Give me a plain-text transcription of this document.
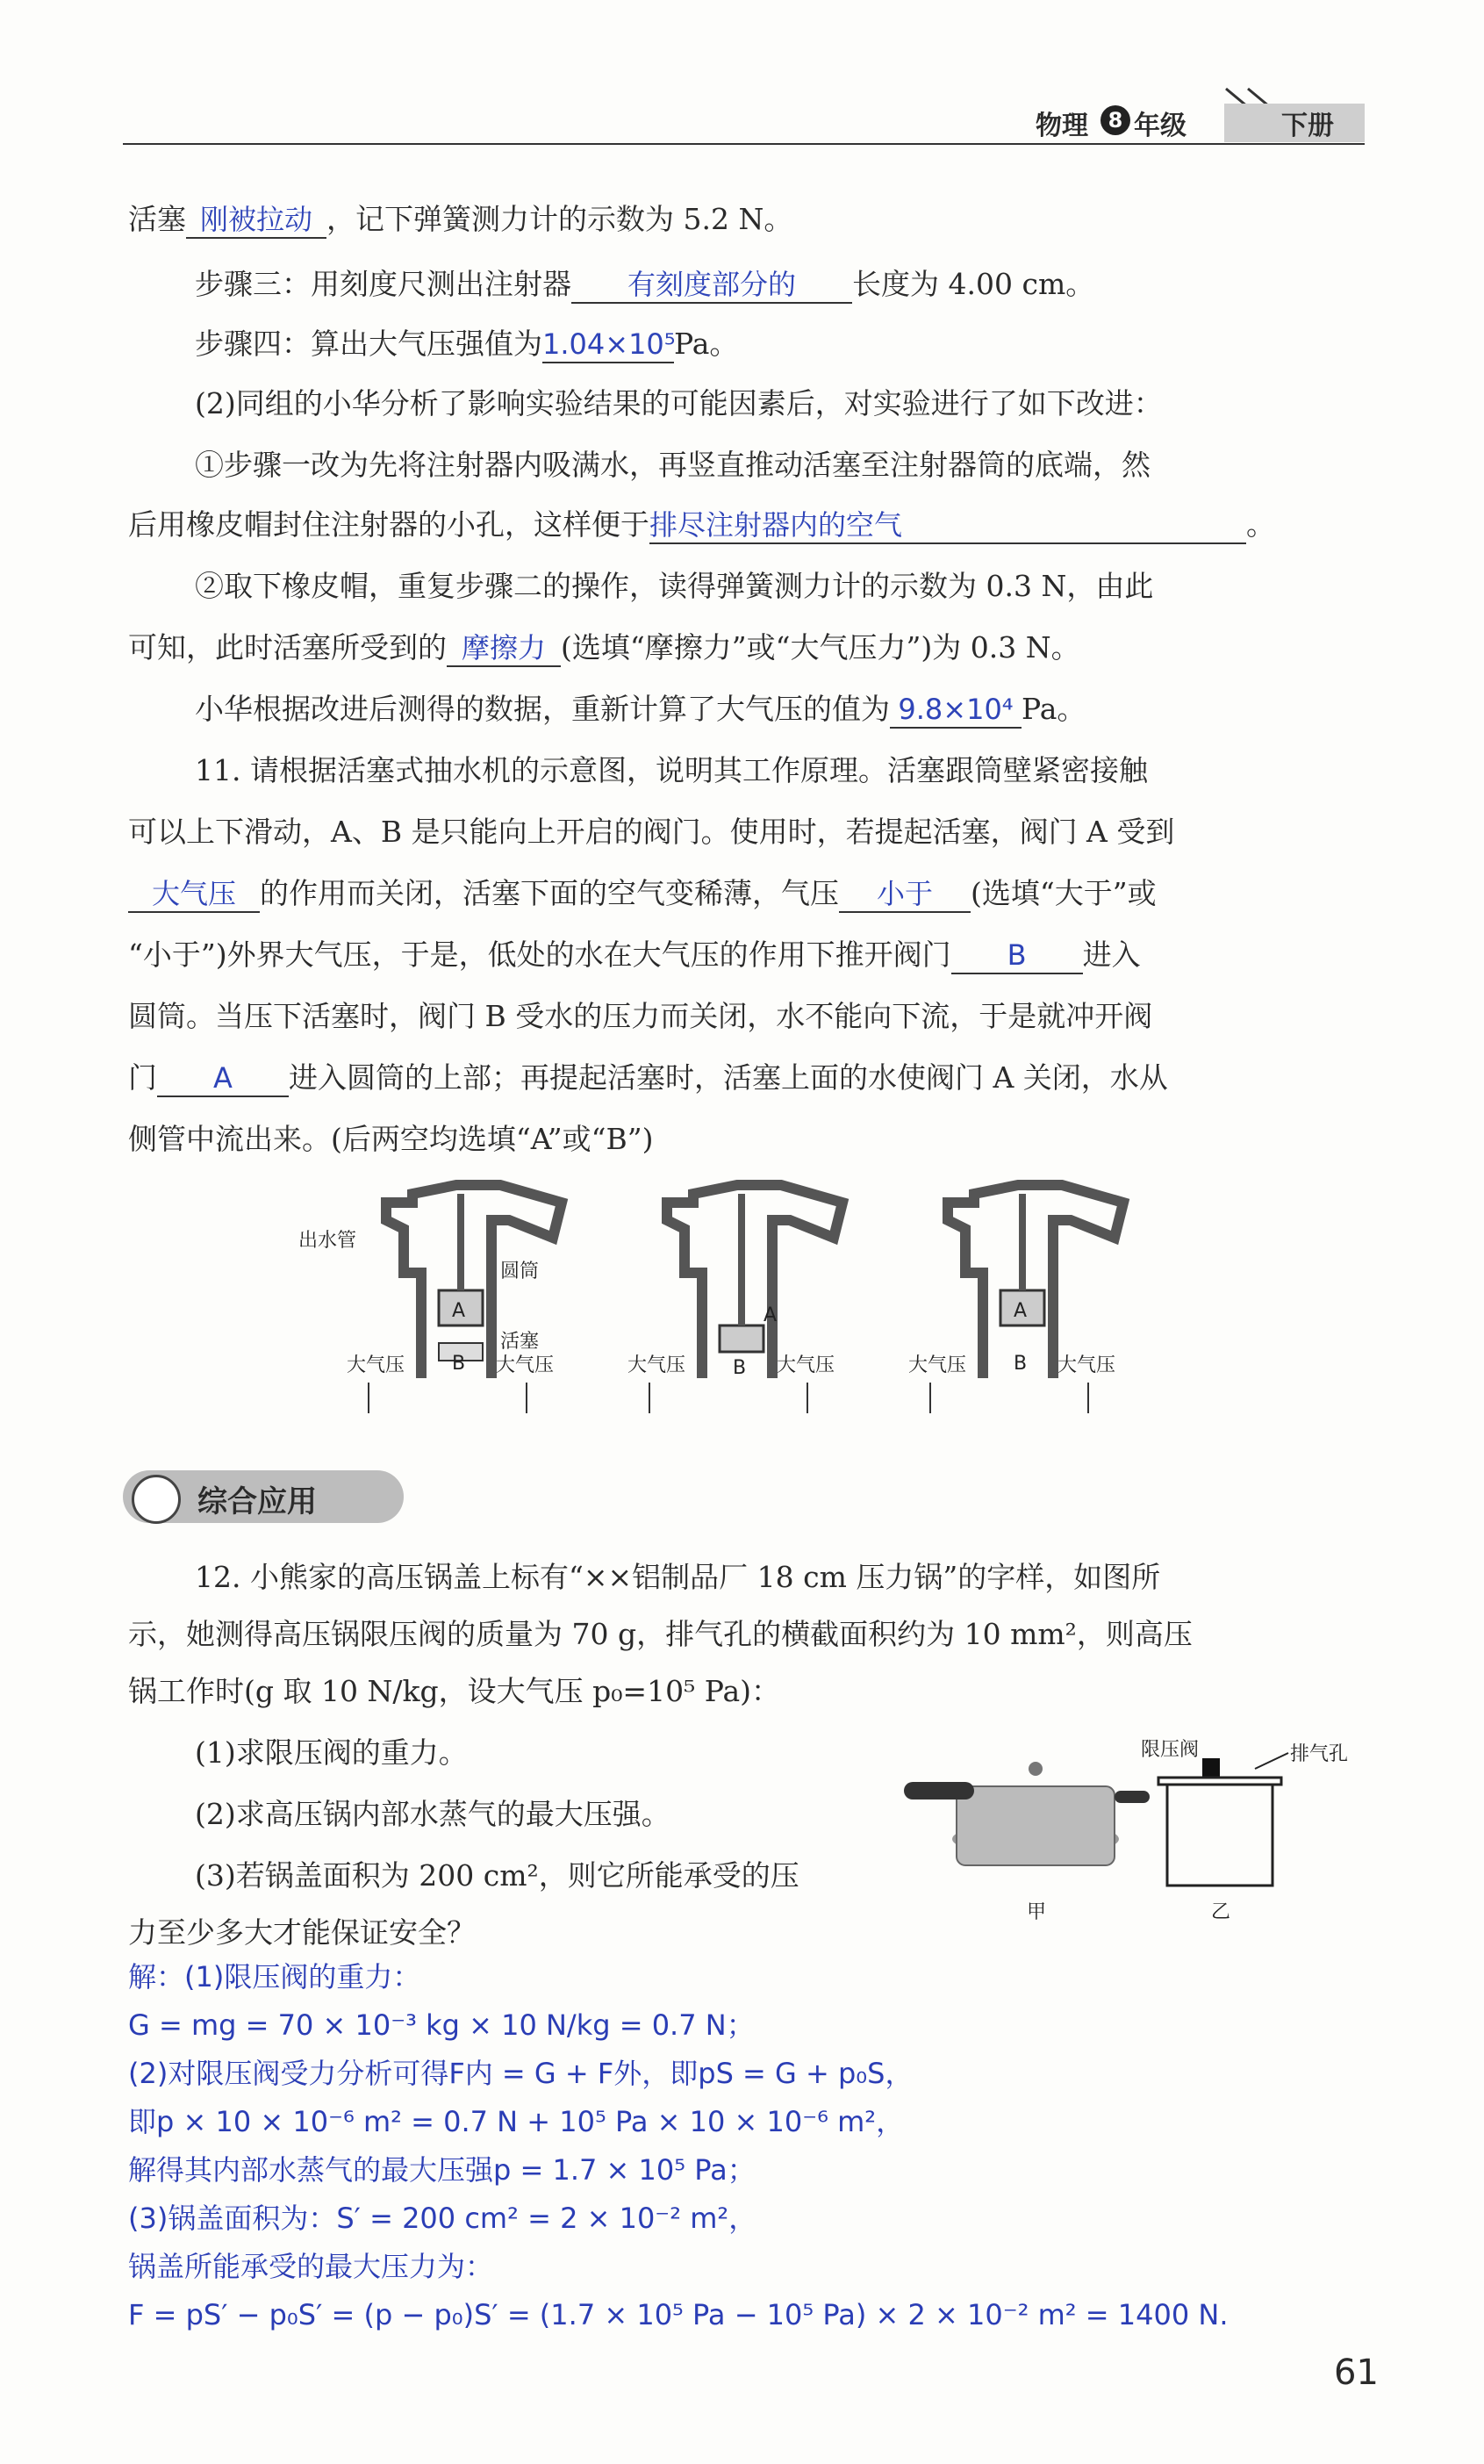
物理 8 年级	下册
活塞 刚被拉动 ，记下弹簧测力计的示数为 5.2 N。
步骤三：用刻度尺测出注射器 有刻度部分的 长度为 4.00 cm。
步骤四：算出大气压强值为1.04×10⁵Pa。
(2)同组的小华分析了影响实验结果的可能因素后，对实验进行了如下改进：
①步骤一改为先将注射器内吸满水，再竖直推动活塞至注射器筒的底端，然
后用橡皮帽封住注射器的小孔，这样便于排尽注射器内的空气	。
②取下橡皮帽，重复步骤二的操作，读得弹簧测力计的示数为 0.3 N，由此
可知，此时活塞所受到的 摩擦力 (选填“摩擦力”或“大气压力”)为 0.3 N。
小华根据改进后测得的数据，重新计算了大气压的值为 9.8×10⁴ Pa。
11. 请根据活塞式抽水机的示意图，说明其工作原理。活塞跟筒壁紧密接触
可以上下滑动，A、B 是只能向上开启的阀门。使用时，若提起活塞，阀门 A 受到
大气压 的作用而关闭，活塞下面的空气变稀薄，气压 小于 (选填“大于”或
“小于”)外界大气压，于是，低处的水在大气压的作用下推开阀门 B 进入
圆筒。当压下活塞时，阀门 B 受水的压力而关闭，水不能向下流，于是就冲开阀
门 A 进入圆筒的上部；再提起活塞时，活塞上面的水使阀门 A 关闭，水从
侧管中流出来。(后两空均选填“A”或“B”)
出水管
圆筒
活塞
A
B
大气压	大气压
A
B
大气压	大气压
A
B
大气压	大气压
综合应用
12. 小熊家的高压锅盖上标有“××铝制品厂 18 cm 压力锅”的字样，如图所
示，她测得高压锅限压阀的质量为 70 g，排气孔的横截面积约为 10 mm²，则高压
锅工作时(g 取 10 N/kg，设大气压 p₀=10⁵ Pa)：
(1)求限压阀的重力。
(2)求高压锅内部水蒸气的最大压强。
(3)若锅盖面积为 200 cm²，则它所能承受的压
力至少多大才能保证安全？
甲
限压阀	排气孔
乙
解：(1)限压阀的重力：
G = mg = 70 × 10⁻³ kg × 10 N/kg = 0.7 N；
(2)对限压阀受力分析可得F内 = G + F外，即pS = G + p₀S，
即p × 10 × 10⁻⁶ m² = 0.7 N + 10⁵ Pa × 10 × 10⁻⁶ m²，
解得其内部水蒸气的最大压强p = 1.7 × 10⁵ Pa；
(3)锅盖面积为：S′ = 200 cm² = 2 × 10⁻² m²，
锅盖所能承受的最大压力为：
F = pS′ − p₀S′ = (p − p₀)S′ = (1.7 × 10⁵ Pa − 10⁵ Pa) × 2 × 10⁻² m² = 1400 N.
61
